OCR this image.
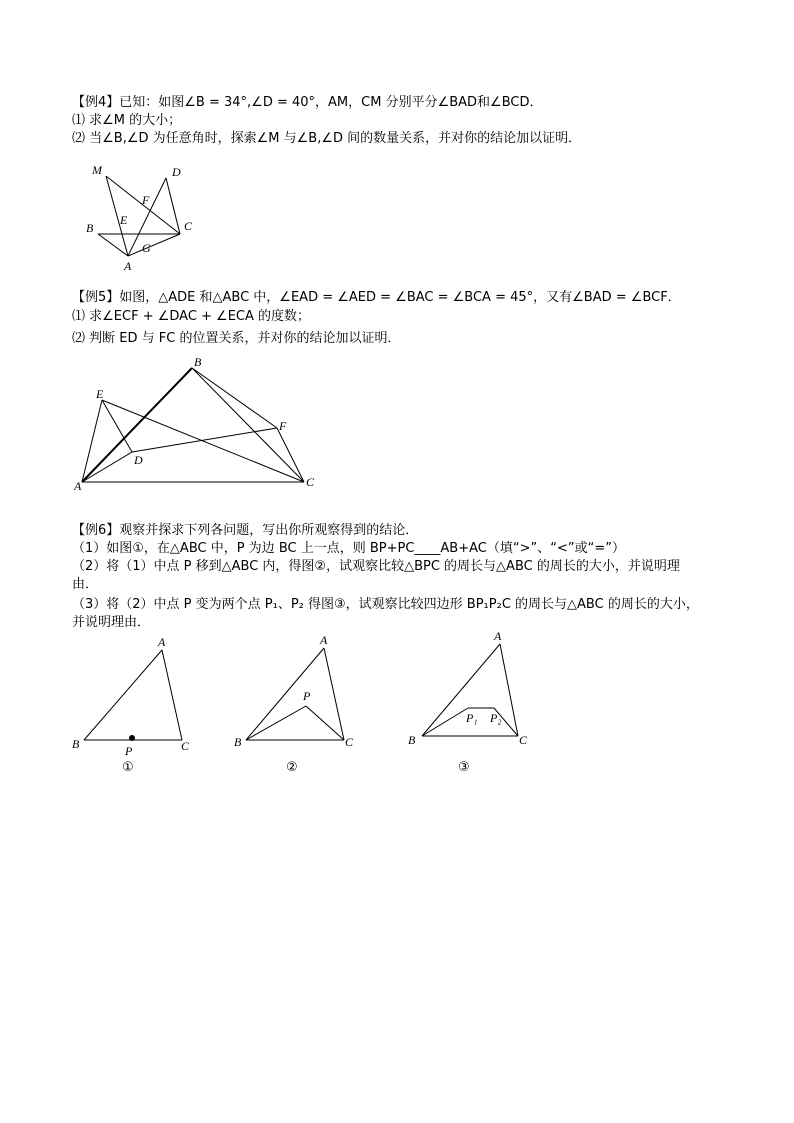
【例4】已知：如图∠B = 34°,∠D = 40°，AM，CM 分别平分∠BAD和∠BCD．
⑴ 求∠M 的大小；
⑵ 当∠B,∠D 为任意角时，探索∠M 与∠B,∠D 间的数量关系，并对你的结论加以证明．
M	D
F
E	C
B
G
A
【例5】如图，△ADE 和△ABC 中，∠EAD = ∠AED = ∠BAC = ∠BCA = 45°，又有∠BAD = ∠BCF．
⑴ 求∠ECF + ∠DAC + ∠ECA 的度数；
⑵ 判断 ED 与 FC 的位置关系，并对你的结论加以证明．
B
E
F
D
A	C
【例6】观察并探求下列各问题，写出你所观察得到的结论．
（1）如图①，在△ABC 中，P 为边 BC 上一点，则 BP+PC____AB+AC（填“>”、“<”或“=”）
（2）将（1）中点 P 移到△ABC 内，得图②，试观察比较△BPC 的周长与△ABC 的周长的大小，并说明理
由．
（3）将（2）中点 P 变为两个点 P₁、P₂ 得图③，试观察比较四边形 BP₁P₂C 的周长与△ABC 的周长的大小，
并说明理由．
A
B	C
P
①
A
B	C
P
②
A
B	C
P₁ P₂
③
